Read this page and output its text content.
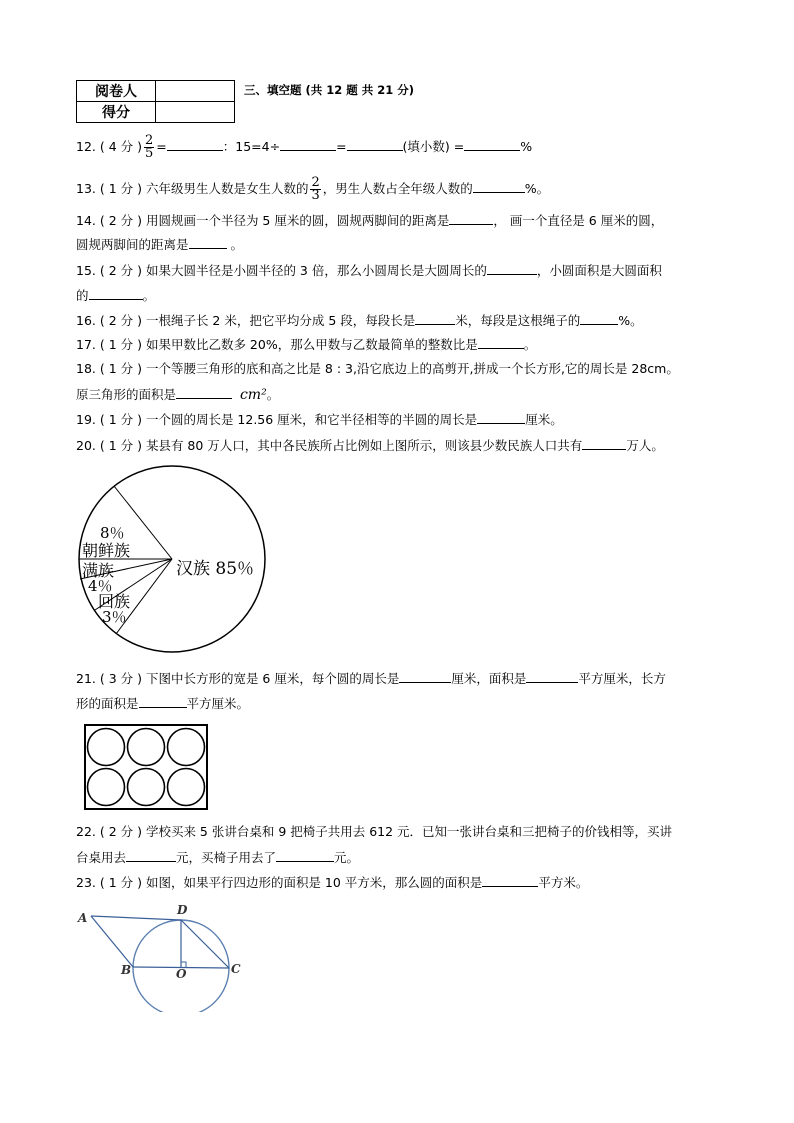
阅卷人	
得分	
三、填空题 (共 12 题 共 21 分)
12. ( 4 分 ) $\frac{2}{5}$ =	：15=4÷	=	(填小数) =	%
13. ( 1 分 ) 六年级男生人数是女生人数的 $\frac{2}{3}$ ，男生人数占全年级人数的	%。
14. ( 2 分 ) 用圆规画一个半径为 5 厘米的圆，圆规两脚间的距离是	， 画一个直径是 6 厘米的圆，
圆规两脚间的距离是	。
15. ( 2 分 ) 如果大圆半径是小圆半径的 3 倍，那么小圆周长是大圆周长的	，小圆面积是大圆面积
的	。
16. ( 2 分 ) 一根绳子长 2 米，把它平均分成 5 段，每段长是	米，每段是这根绳子的	%。
17. ( 1 分 ) 如果甲数比乙数多 20%，那么甲数与乙数最简单的整数比是	。
18. ( 1 分 ) 一个等腰三角形的底和高之比是 8 : 3,沿它底边上的高剪开,拼成一个长方形,它的周长是 28cm。
原三角形的面积是	cm²。
19. ( 1 分 ) 一个圆的周长是 12.56 厘米，和它半径相等的半圆的周长是	厘米。
20. ( 1 分 ) 某县有 80 万人口，其中各民族所占比例如上图所示，则该县少数民族人口共有	万人。
汉族 85％
8％
朝鲜族
满族
4％
回族
3％
21. ( 3 分 ) 下图中长方形的宽是 6 厘米，每个圆的周长是	厘米，面积是	平方厘米，长方
形的面积是	平方厘米。
22. ( 2 分 ) 学校买来 5 张讲台桌和 9 把椅子共用去 612 元．已知一张讲台桌和三把椅子的价钱相等，买讲
台桌用去	元，买椅子用去了	元。
23. ( 1 分 ) 如图，如果平行四边形的面积是 10 平方米，那么圆的面积是	平方米。
A
D
B	O	C
